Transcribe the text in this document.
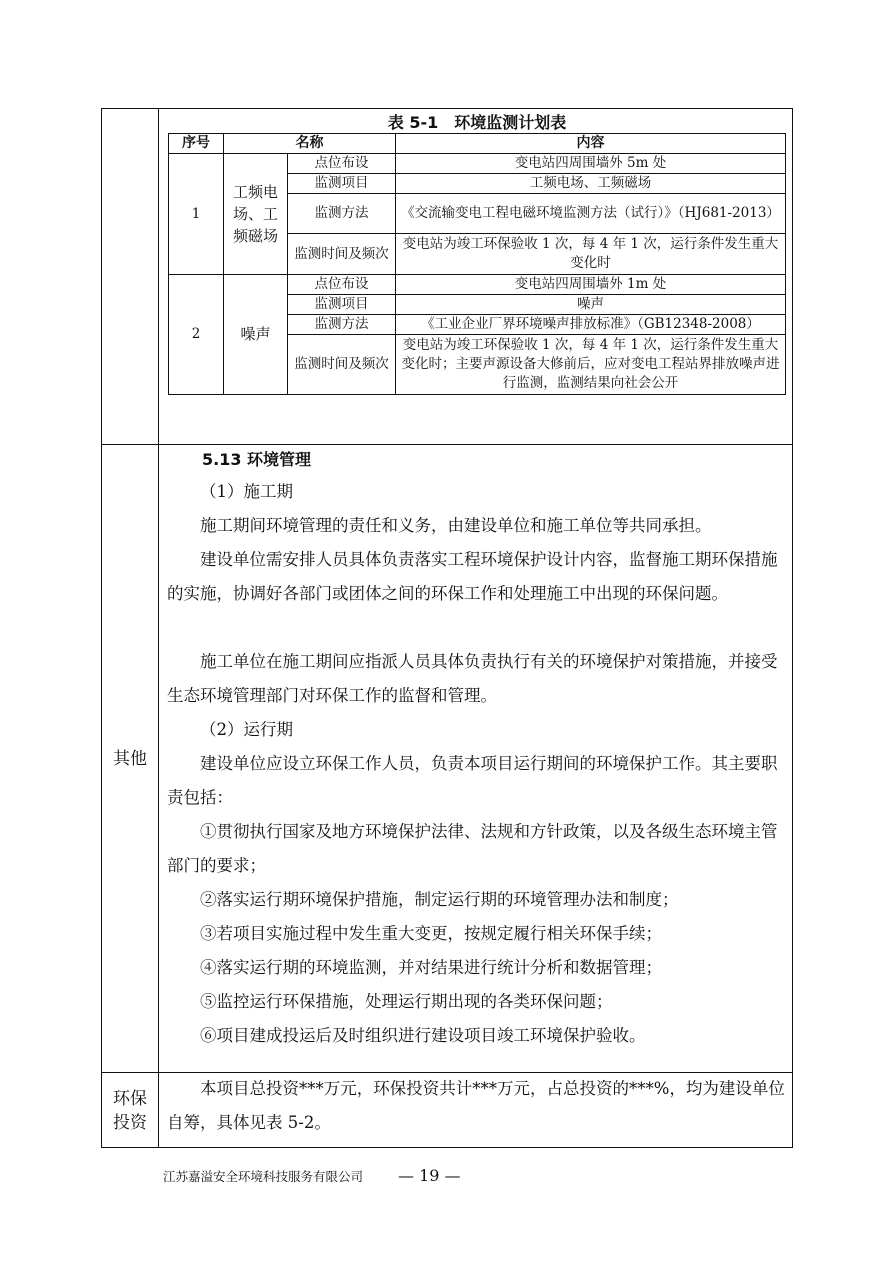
表 5-1　环境监测计划表
序号	名称		内容
1	工频电场、工频磁场	点位布设	变电站四周围墙外 5m 处
		监测项目	工频电场、工频磁场
		监测方法	《交流输变电工程电磁环境监测方法（试行）》（HJ681-2013）
		监测时间及频次	变电站为竣工环保验收 1 次，每 4 年 1 次，运行条件发生重大变化时
2	噪声	点位布设	变电站四周围墙外 1m 处
		监测项目	噪声
		监测方法	《工业企业厂界环境噪声排放标准》（GB12348-2008）
		监测时间及频次	变电站为竣工环保验收 1 次，每 4 年 1 次，运行条件发生重大变化时；主要声源设备大修前后，应对变电工程站界排放噪声进行监测，监测结果向社会公开
其他
5.13 环境管理
（1）施工期
施工期间环境管理的责任和义务，由建设单位和施工单位等共同承担。
建设单位需安排人员具体负责落实工程环境保护设计内容，监督施工期环保措施的实施，协调好各部门或团体之间的环保工作和处理施工中出现的环保问题。
施工单位在施工期间应指派人员具体负责执行有关的环境保护对策措施，并接受生态环境管理部门对环保工作的监督和管理。
（2）运行期
建设单位应设立环保工作人员，负责本项目运行期间的环境保护工作。其主要职责包括：
①贯彻执行国家及地方环境保护法律、法规和方针政策，以及各级生态环境主管部门的要求；
②落实运行期环境保护措施，制定运行期的环境管理办法和制度；
③若项目实施过程中发生重大变更，按规定履行相关环保手续；
④落实运行期的环境监测，并对结果进行统计分析和数据管理；
⑤监控运行环保措施，处理运行期出现的各类环保问题；
⑥项目建成投运后及时组织进行建设项目竣工环境保护验收。
环保
投资
本项目总投资***万元，环保投资共计***万元，占总投资的***%，均为建设单位自筹，具体见表 5-2。
江苏嘉溢安全环境科技服务有限公司 — 19 —
